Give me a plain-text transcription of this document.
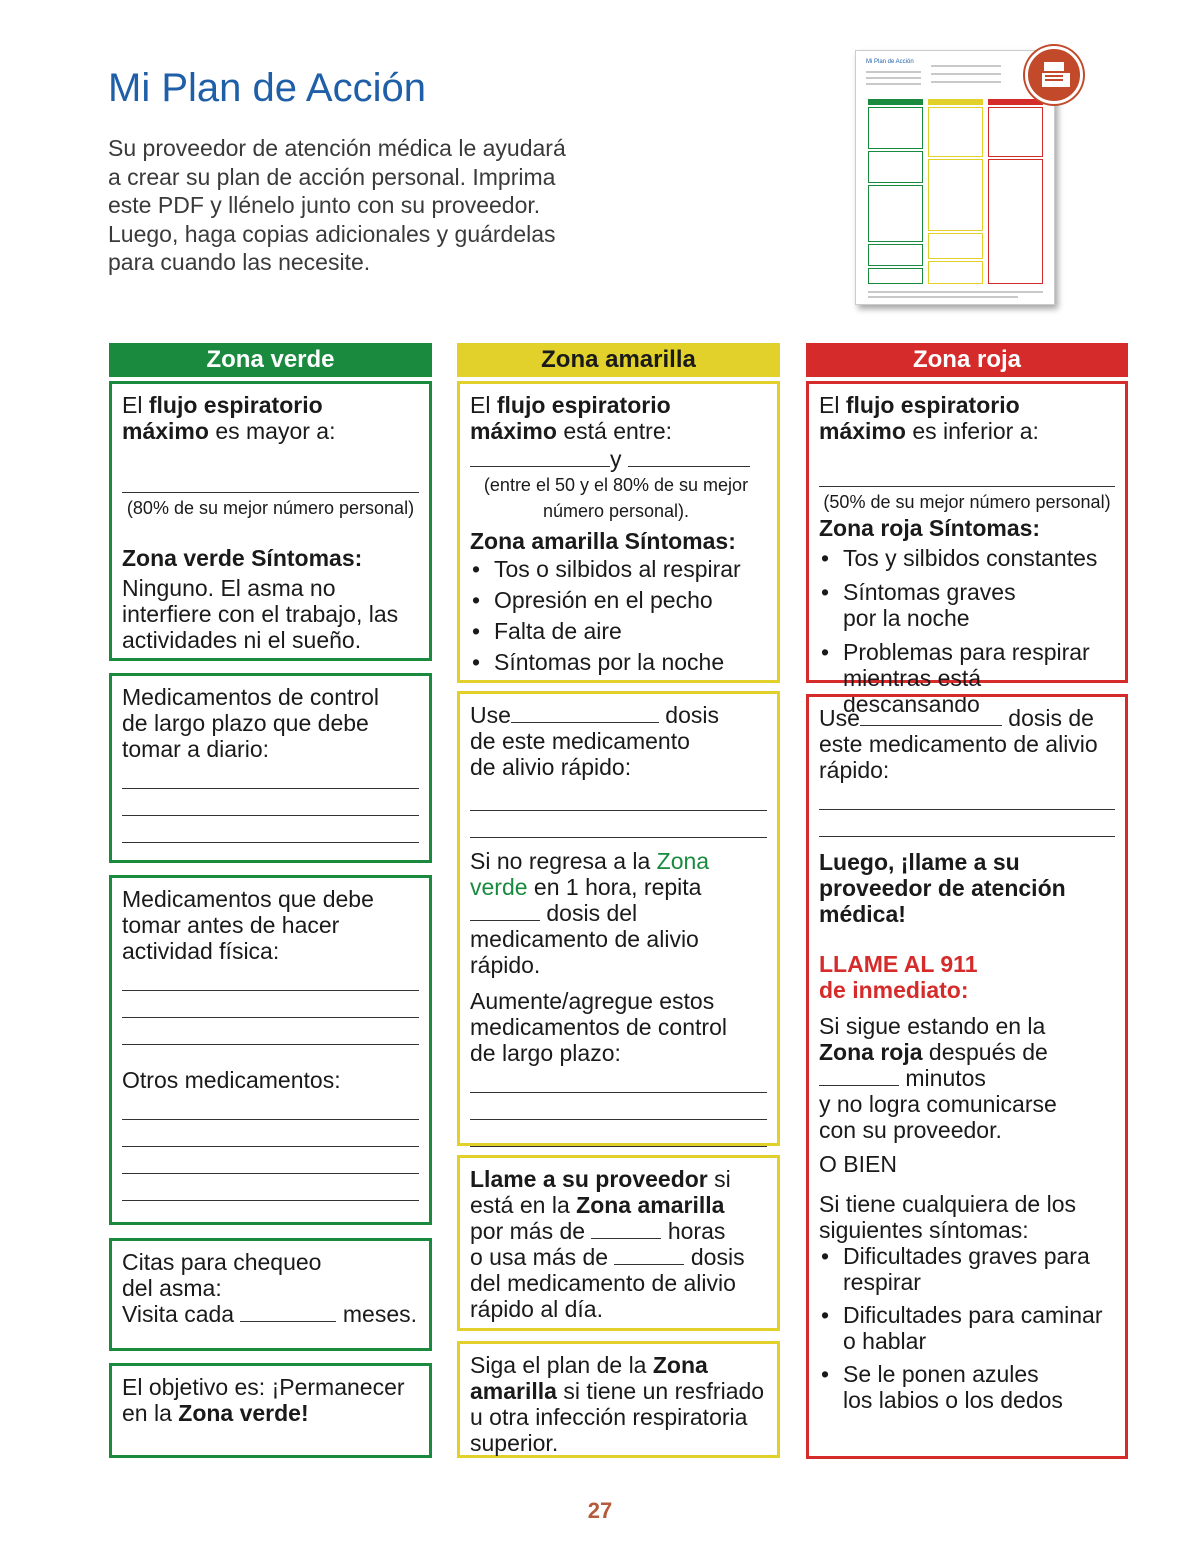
Mi Plan de Acción
Su proveedor de atención médica le ayudará a crear su plan de acción personal. Imprima este PDF y llénelo junto con su proveedor. Luego, haga copias adicionales y guárdelas para cuando las necesite.
Mi Plan de Acción
Zona verde

El flujo espiratorio

máximo es mayor a:

(80% de su mejor número personal)

Zona verde Síntomas:

Ninguno. El asma no interfiere con el trabajo, las actividades ni el sueño.

Medicamentos de control de largo plazo que debe tomar a diario:

Medicamentos que debe tomar antes de hacer actividad física:

Otros medicamentos:

Citas para chequeo del asma:

Visita cada	meses.

El objetivo es: ¡Permanecer en la Zona verde!

Zona amarilla

El flujo espiratorio

máximo está entre:

y

(entre el 50 y el 80% de su mejor número personal).

Zona amarilla Síntomas:

• Tos o silbidos al respirar
• Opresión en el pecho
• Falta de aire
• Síntomas por la noche

Use	dosis

de este medicamento de alivio rápido:

Si no regresa a la Zona verde en 1 hora, repita

dosis del medicamento de alivio rápido.

Aumente/agregue estos medicamentos de control de largo plazo:

Llame a su proveedor si está en la Zona amarilla

por más de	horas

o usa más de	dosis

del medicamento de alivio rápido al día.

Siga el plan de la Zona amarilla si tiene un resfriado u otra infección respiratoria superior.

Zona roja

El flujo espiratorio

máximo es inferior a:

(50% de su mejor número personal)

Zona roja Síntomas:

• Tos y silbidos constantes
• Síntomas graves por la noche
• Problemas para respirar mientras está descansando

Use	dosis de

este medicamento de alivio rápido:

Luego, ¡llame a su proveedor de atención médica!

LLAME AL 911

de inmediato:

Si sigue estando en la Zona roja después de  minutos

y no logra comunicarse con su proveedor.

O BIEN

Si tiene cualquiera de los siguientes síntomas:

• Dificultades graves para respirar
• Dificultades para caminar o hablar
• Se le ponen azules los labios o los dedos
27
